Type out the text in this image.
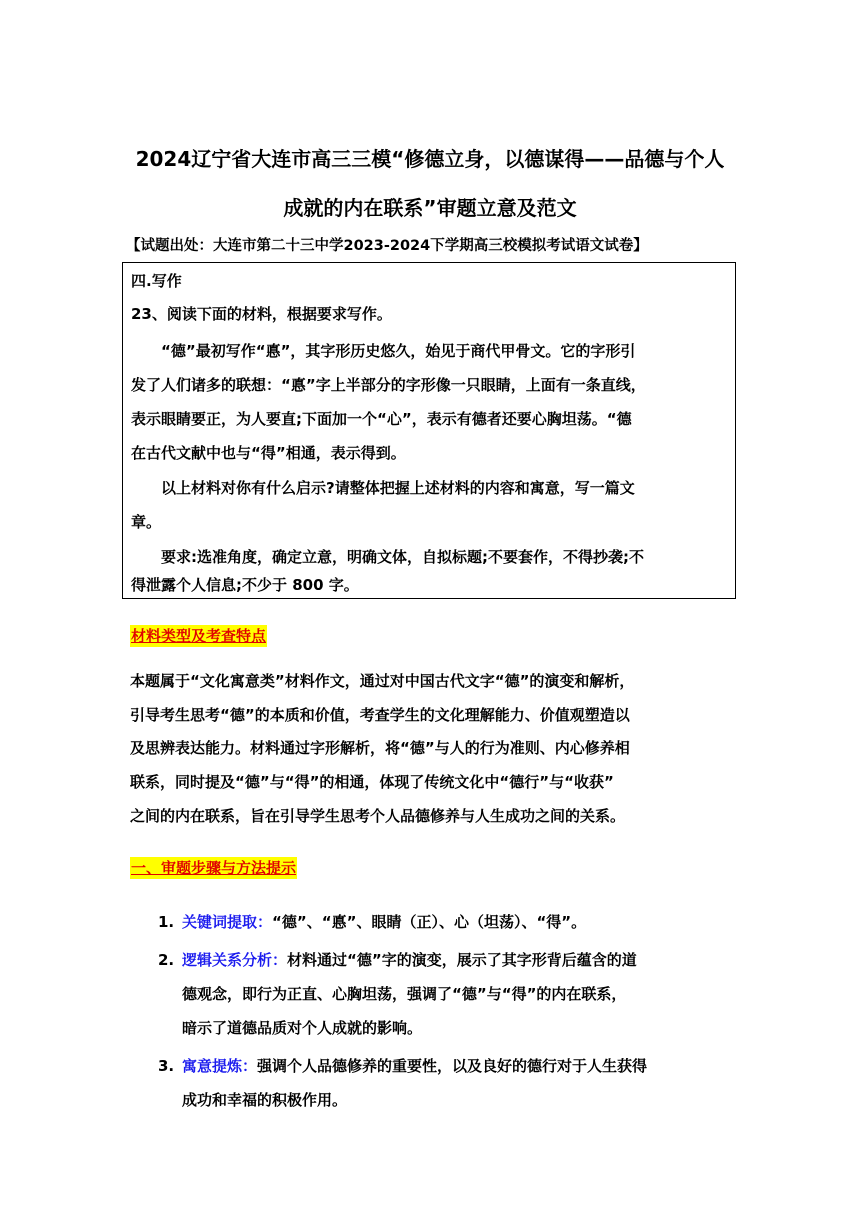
2024辽宁省大连市高三三模“修德立身，以德谋得——品德与个人
成就的内在联系”审题立意及范文
【试题出处：大连市第二十三中学2023-2024下学期高三校模拟考试语文试卷】
四.写作
23、阅读下面的材料，根据要求写作。
　　“德”最初写作“悳”，其字形历史悠久，始见于商代甲骨文。它的字形引
发了人们诸多的联想：“悳”字上半部分的字形像一只眼睛，上面有一条直线，
表示眼睛要正，为人要直;下面加一个“心”，表示有德者还要心胸坦荡。“德
在古代文献中也与“得”相通，表示得到。
　　以上材料对你有什么启示?请整体把握上述材料的内容和寓意，写一篇文
章。
　　要求:选准角度，确定立意，明确文体，自拟标题;不要套作，不得抄袭;不
得泄露个人信息;不少于 800 字。
材料类型及考查特点
本题属于“文化寓意类”材料作文，通过对中国古代文字“德”的演变和解析，
引导考生思考“德”的本质和价值，考查学生的文化理解能力、价值观塑造以
及思辨表达能力。材料通过字形解析，将“德”与人的行为准则、内心修养相
联系，同时提及“德”与“得”的相通，体现了传统文化中“德行”与“收获”
之间的内在联系，旨在引导学生思考个人品德修养与人生成功之间的关系。
一、审题步骤与方法提示
1. 关键词提取：“德”、“悳”、眼睛（正）、心（坦荡）、“得”。
2. 逻辑关系分析：材料通过“德”字的演变，展示了其字形背后蕴含的道
德观念，即行为正直、心胸坦荡，强调了“德”与“得”的内在联系，
暗示了道德品质对个人成就的影响。
3. 寓意提炼：强调个人品德修养的重要性，以及良好的德行对于人生获得
成功和幸福的积极作用。
